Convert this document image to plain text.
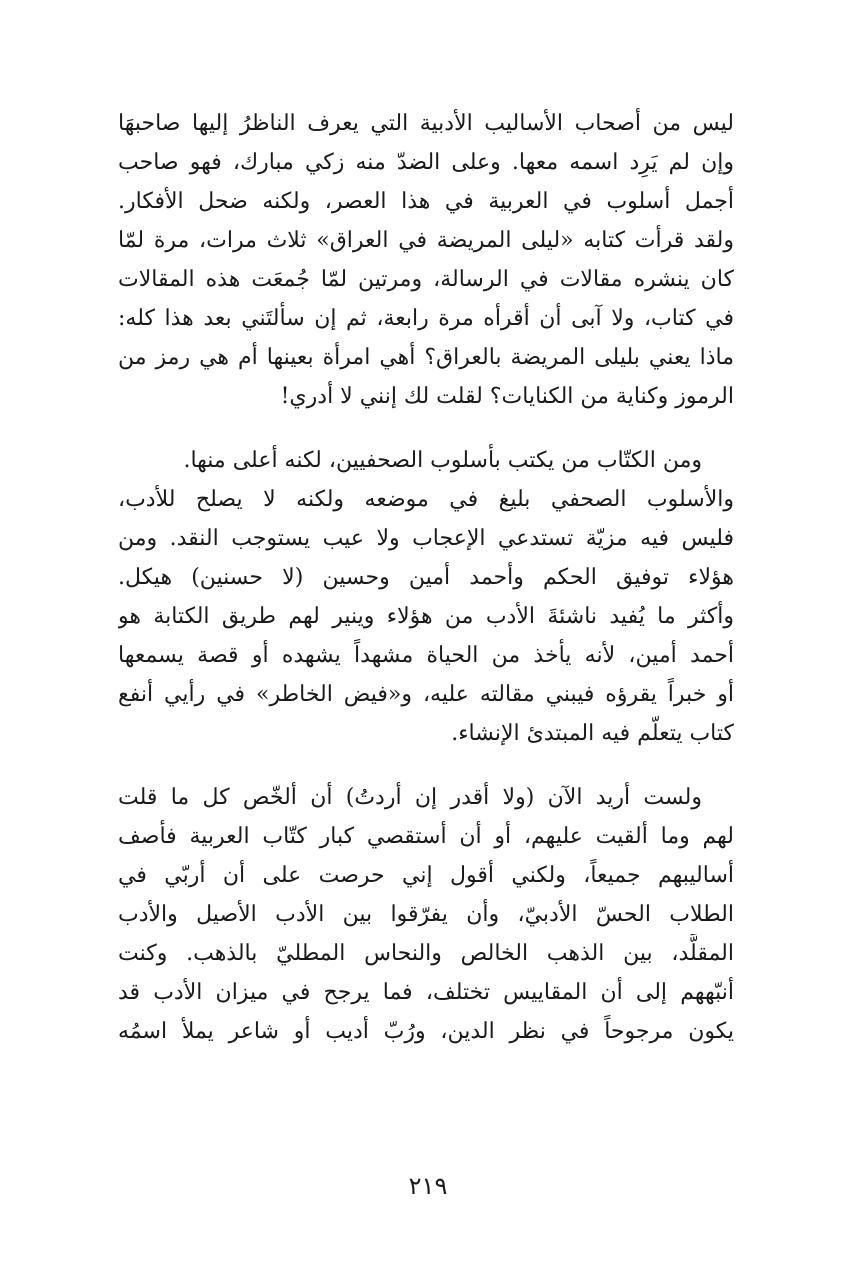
ليس من أصحاب الأساليب الأدبية التي يعرف الناظرُ إليها صاحبهَا
وإن لم يَرِد اسمه معها. وعلى الضدّ منه زكي مبارك، فهو صاحب
أجمل أسلوب في العربية في هذا العصر، ولكنه ضحل الأفكار.
ولقد قرأت كتابه «ليلى المريضة في العراق» ثلاث مرات، مرة لمّا
كان ينشره مقالات في الرسالة، ومرتين لمّا جُمعَت هذه المقالات
في كتاب، ولا آبى أن أقرأه مرة رابعة، ثم إن سألتَني بعد هذا كله:
ماذا يعني بليلى المريضة بالعراق؟ أهي امرأة بعينها أم هي رمز من
الرموز وكناية من الكنايات؟ لقلت لك إنني لا أدري!

ومن الكتّاب من يكتب بأسلوب الصحفيين، لكنه أعلى منها.
والأسلوب الصحفي بليغ في موضعه ولكنه لا يصلح للأدب،
فليس فيه مزيّة تستدعي الإعجاب ولا عيب يستوجب النقد. ومن
هؤلاء توفيق الحكم وأحمد أمين وحسين (لا حسنين) هيكل.
وأكثر ما يُفيد ناشئةَ الأدب من هؤلاء وينير لهم طريق الكتابة هو
أحمد أمين، لأنه يأخذ من الحياة مشهداً يشهده أو قصة يسمعها
أو خبراً يقرؤه فيبني مقالته عليه، و«فيض الخاطر» في رأيي أنفع
كتاب يتعلّم فيه المبتدئ الإنشاء.

ولست أريد الآن (ولا أقدر إن أردتُ) أن ألخّص كل ما قلت
لهم وما ألقيت عليهم، أو أن أستقصي كبار كتّاب العربية فأصف
أساليبهم جميعاً، ولكني أقول إني حرصت على أن أربّي في
الطلاب الحسّ الأدبيّ، وأن يفرّقوا بين الأدب الأصيل والأدب
المقلَّد، بين الذهب الخالص والنحاس المطليّ بالذهب. وكنت
أنبّههم إلى أن المقاييس تختلف، فما يرجح في ميزان الأدب قد
يكون مرجوحاً في نظر الدين، ورُبّ أديب أو شاعر يملأ اسمُه

٢١٩
